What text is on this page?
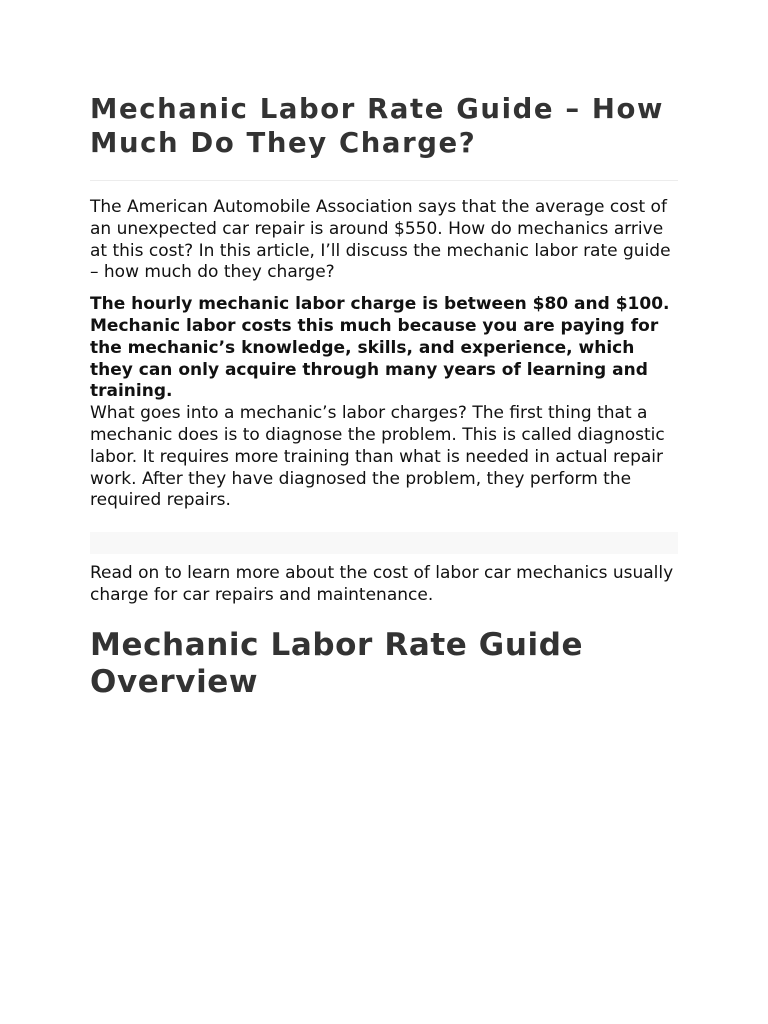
Mechanic Labor Rate Guide – How Much Do They Charge?

The American Automobile Association says that the average cost of an unexpected car repair is around $550. How do mechanics arrive at this cost? In this article, I’ll discuss the mechanic labor rate guide – how much do they charge?

The hourly mechanic labor charge is between $80 and $100. Mechanic labor costs this much because you are paying for the mechanic’s knowledge, skills, and experience, which they can only acquire through many years of learning and training.

What goes into a mechanic’s labor charges? The first thing that a mechanic does is to diagnose the problem. This is called diagnostic labor. It requires more training than what is needed in actual repair work. After they have diagnosed the problem, they perform the required repairs.

Read on to learn more about the cost of labor car mechanics usually charge for car repairs and maintenance.

Mechanic Labor Rate Guide Overview
